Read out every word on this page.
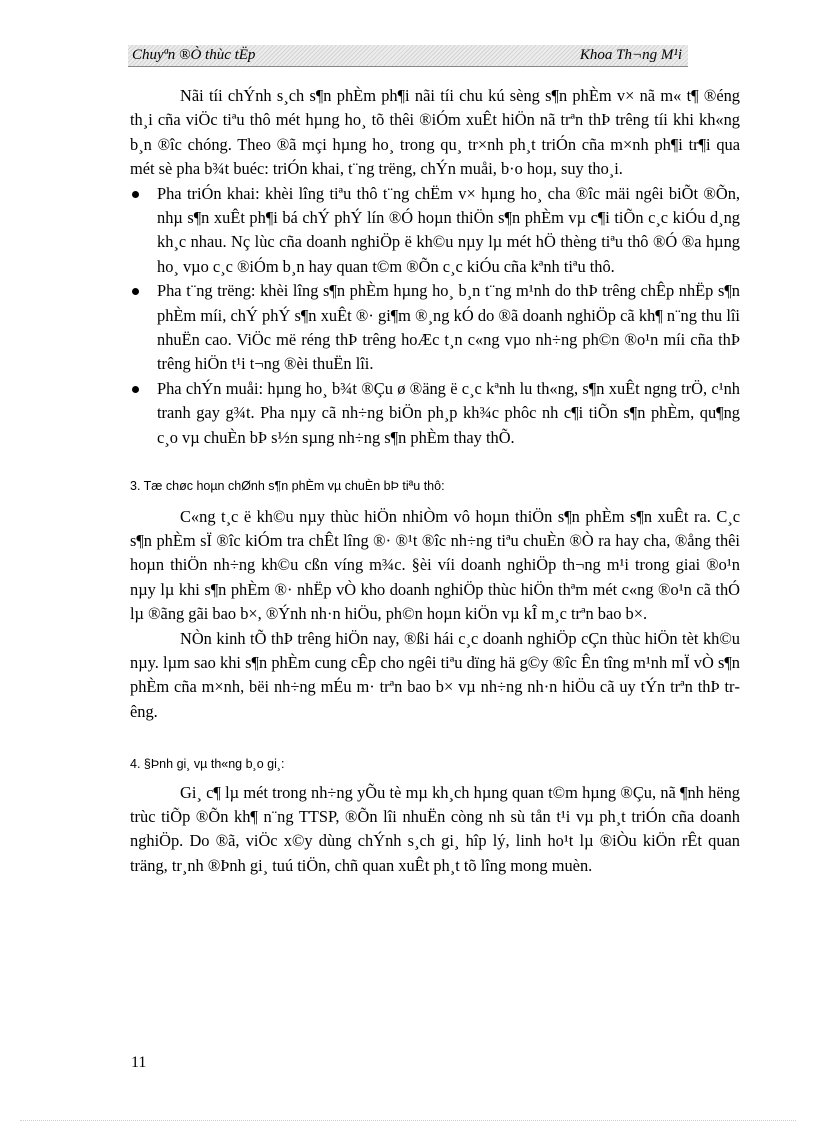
Chuyªn ®Ò thùc tËp	Khoa Th¬ng M¹i

Nãi tíi chÝnh s¸ch s¶n phÈm ph¶i nãi tíi chu kú sèng s¶n phÈm v× nã m« t¶ ®éng th¸i cña viÖc tiªu thô mét hµng ho¸ tõ thêi ®iÓm xuÊt hiÖn nã trªn thÞ trêng tíi khi kh«ng b¸n ®îc chóng. Theo ®ã mçi hµng ho¸ trong qu¸ tr×nh ph¸t triÓn cña m×nh ph¶i tr¶i qua mét sè pha b¾t buéc: triÓn khai, t¨ng trëng, chÝn muåi, b·o hoµ, suy tho¸i.

Pha triÓn khai: khèi lîng tiªu thô t¨ng chËm v× hµng ho¸ cha ®îc mäi ngêi biÕt ®Õn, nhµ s¶n xuÊt ph¶i bá chÝ phÝ lín ®Ó hoµn thiÖn s¶n phÈm vµ c¶i tiÕn c¸c kiÓu d¸ng kh¸c nhau. Nç lùc cña doanh nghiÖp ë kh©u nµy lµ mét hÖ thèng tiªu thô ®Ó ®a hµng ho¸ vµo c¸c ®iÓm b¸n hay quan t©m ®Õn c¸c kiÓu cña kªnh tiªu thô.
Pha t¨ng trëng: khèi lîng s¶n phÈm hµng ho¸ b¸n t¨ng m¹nh do thÞ trêng chÊp nhËp s¶n phÈm míi, chÝ phÝ s¶n xuÊt ®· gi¶m ®¸ng kÓ do ®ã doanh nghiÖp cã kh¶ n¨ng thu lîi nhuËn cao. ViÖc më réng thÞ trêng hoÆc t¸n c«ng vµo nh÷ng ph©n ®o¹n míi cña thÞ trêng hiÖn t¹i t¬ng ®èi thuËn lîi.
Pha chÝn muåi: hµng ho¸ b¾t ®Çu ø ®äng ë c¸c kªnh lu th«ng, s¶n xuÊt ngng trÖ, c¹nh tranh gay g¾t. Pha nµy cã nh÷ng biÖn ph¸p kh¾c phôc nh c¶i tiÕn s¶n phÈm, qu¶ng c¸o vµ chuÈn bÞ s½n sµng nh÷ng s¶n phÈm thay thÕ.

3. Tæ chøc hoµn chØnh s¶n phÈm vµ chuÈn bÞ tiªu thô:

C«ng t¸c ë kh©u nµy thùc hiÖn nhiÒm vô hoµn thiÖn s¶n phÈm s¶n xuÊt ra. C¸c s¶n phÈm sÏ ®îc kiÓm tra chÊt lîng ®· ®¹t ®îc nh÷ng tiªu chuÈn ®Ò ra hay cha, ®ång thêi hoµn thiÖn nh÷ng kh©u cßn víng m¾c. §èi víi doanh nghiÖp th¬ng m¹i trong giai ®o¹n nµy lµ khi s¶n phÈm ®· nhËp vÒ kho doanh nghiÖp thùc hiÖn thªm mét c«ng ®o¹n cã thÓ lµ ®ãng gãi bao b×, ®Ýnh nh·n hiÖu, ph©n hoµn kiÖn vµ kÎ m¸c trªn bao b×.

NÒn kinh tÕ thÞ trêng hiÖn nay, ®ßi hái c¸c doanh nghiÖp cÇn thùc hiÖn tèt kh©u nµy. lµm sao khi s¶n phÈm cung cÊp cho ngêi tiªu dïng hä g©y ®îc Ên tîng m¹nh mÏ vÒ s¶n phÈm cña m×nh, bëi nh÷ng mÉu m· trªn bao b× vµ nh÷ng nh·n hiÖu cã uy tÝn trªn thÞ trêng.

4. §Þnh gi¸ vµ th«ng b¸o gi¸:

Gi¸ c¶ lµ mét trong nh÷ng yÕu tè mµ kh¸ch hµng quan t©m hµng ®Çu, nã ¶nh hëng trùc tiÕp ®Õn kh¶ n¨ng TTSP, ®Õn lîi nhuËn còng nh sù tån t¹i vµ ph¸t triÓn cña doanh nghiÖp. Do ®ã, viÖc x©y dùng chÝnh s¸ch gi¸ hîp lý, linh ho¹t lµ ®iÒu kiÖn rÊt quan träng, tr¸nh ®Þnh gi¸ tuú tiÖn, chñ quan xuÊt ph¸t tõ lîng mong muèn.

11
